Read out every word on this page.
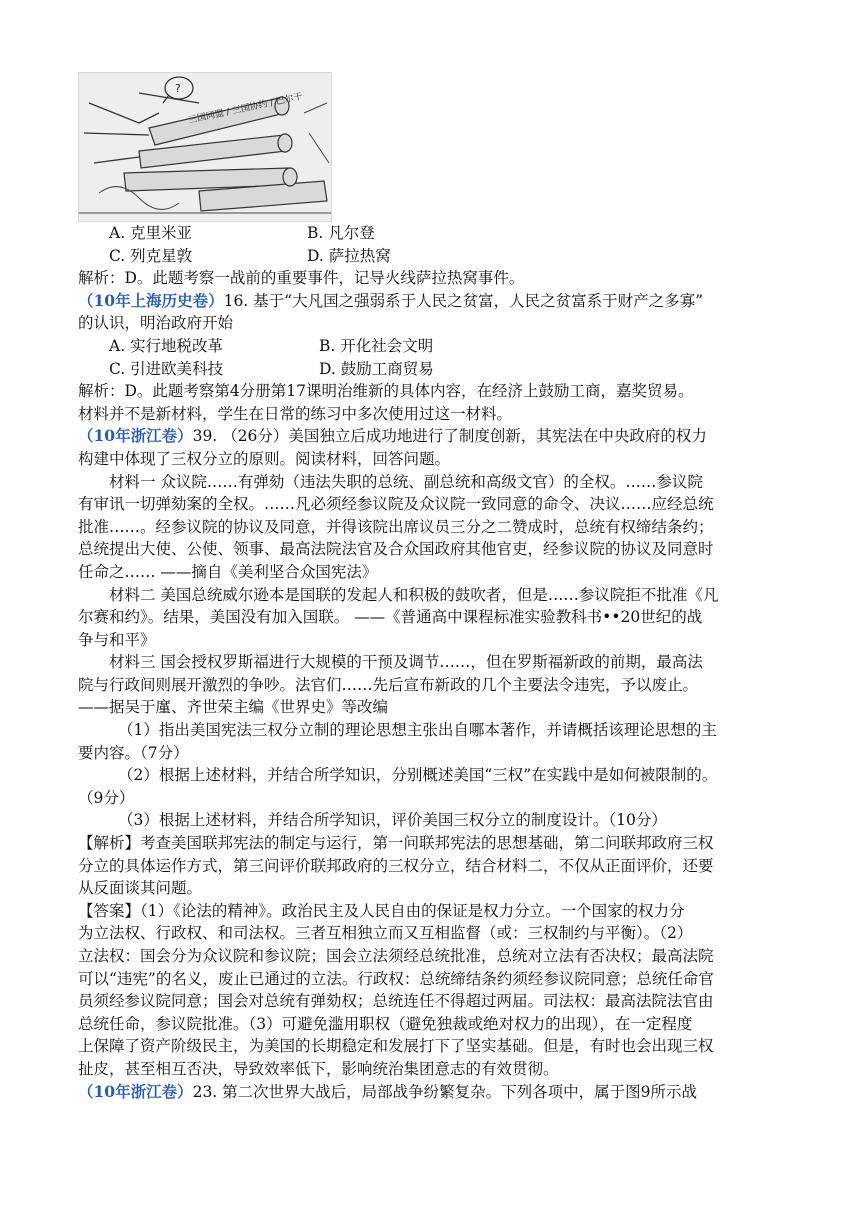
?
三国同盟 / 三国协约 / 巴尔干
A. 克里米亚	B. 凡尔登
C. 列克星敦	D. 萨拉热窝
解析：D。此题考察一战前的重要事件，记导火线萨拉热窝事件。
（10年上海历史卷）16. 基于“大凡国之强弱系于人民之贫富，人民之贫富系于财产之多寡”
的认识，明治政府开始
A. 实行地税改革	B. 开化社会文明
C. 引进欧美科技	D. 鼓励工商贸易
解析：D。此题考察第4分册第17课明治维新的具体内容，在经济上鼓励工商，嘉奖贸易。
材料并不是新材料，学生在日常的练习中多次使用过这一材料。
（10年浙江卷）39. （26分）美国独立后成功地进行了制度创新，其宪法在中央政府的权力
构建中体现了三权分立的原则。阅读材料，回答问题。
材料一 众议院……有弹劾（违法失职的总统、副总统和高级文官）的全权。……参议院
有审讯一切弹劾案的全权。……凡必须经参议院及众议院一致同意的命令、决议……应经总统
批准……。经参议院的协议及同意，并得该院出席议员三分之二赞成时，总统有权缔结条约；
总统提出大使、公使、领事、最高法院法官及合众国政府其他官吏，经参议院的协议及同意时
任命之…… ——摘自《美利坚合众国宪法》
材料二 美国总统威尔逊本是国联的发起人和积极的鼓吹者，但是……参议院拒不批准《凡
尔赛和约》。结果，美国没有加入国联。 ——《普通高中课程标准实验教科书••20世纪的战
争与和平》
材料三 国会授权罗斯福进行大规模的干预及调节……，但在罗斯福新政的前期，最高法
院与行政间则展开激烈的争吵。法官们……先后宣布新政的几个主要法令违宪，予以废止。
——据吴于廑、齐世荣主编《世界史》等改编
（1）指出美国宪法三权分立制的理论思想主张出自哪本著作，并请概括该理论思想的主
要内容。（7分）
（2）根据上述材料，并结合所学知识，分别概述美国“三权”在实践中是如何被限制的。
（9分）
（3）根据上述材料，并结合所学知识，评价美国三权分立的制度设计。（10分）
【解析】考查美国联邦宪法的制定与运行，第一问联邦宪法的思想基础，第二问联邦政府三权
分立的具体运作方式，第三问评价联邦政府的三权分立，结合材料二，不仅从正面评价，还要
从反面谈其问题。
【答案】（1）《论法的精神》。政治民主及人民自由的保证是权力分立。一个国家的权力分
为立法权、行政权、和司法权。三者互相独立而又互相监督（或：三权制约与平衡）。（2）
立法权：国会分为众议院和参议院；国会立法须经总统批准，总统对立法有否决权；最高法院
可以“违宪”的名义，废止已通过的立法。行政权：总统缔结条约须经参议院同意；总统任命官
员须经参议院同意；国会对总统有弹劾权；总统连任不得超过两届。司法权：最高法院法官由
总统任命，参议院批准。（3）可避免滥用职权（避免独裁或绝对权力的出现），在一定程度
上保障了资产阶级民主，为美国的长期稳定和发展打下了坚实基础。但是，有时也会出现三权
扯皮，甚至相互否决，导致效率低下，影响统治集团意志的有效贯彻。
（10年浙江卷）23. 第二次世界大战后，局部战争纷繁复杂。下列各项中，属于图9所示战
